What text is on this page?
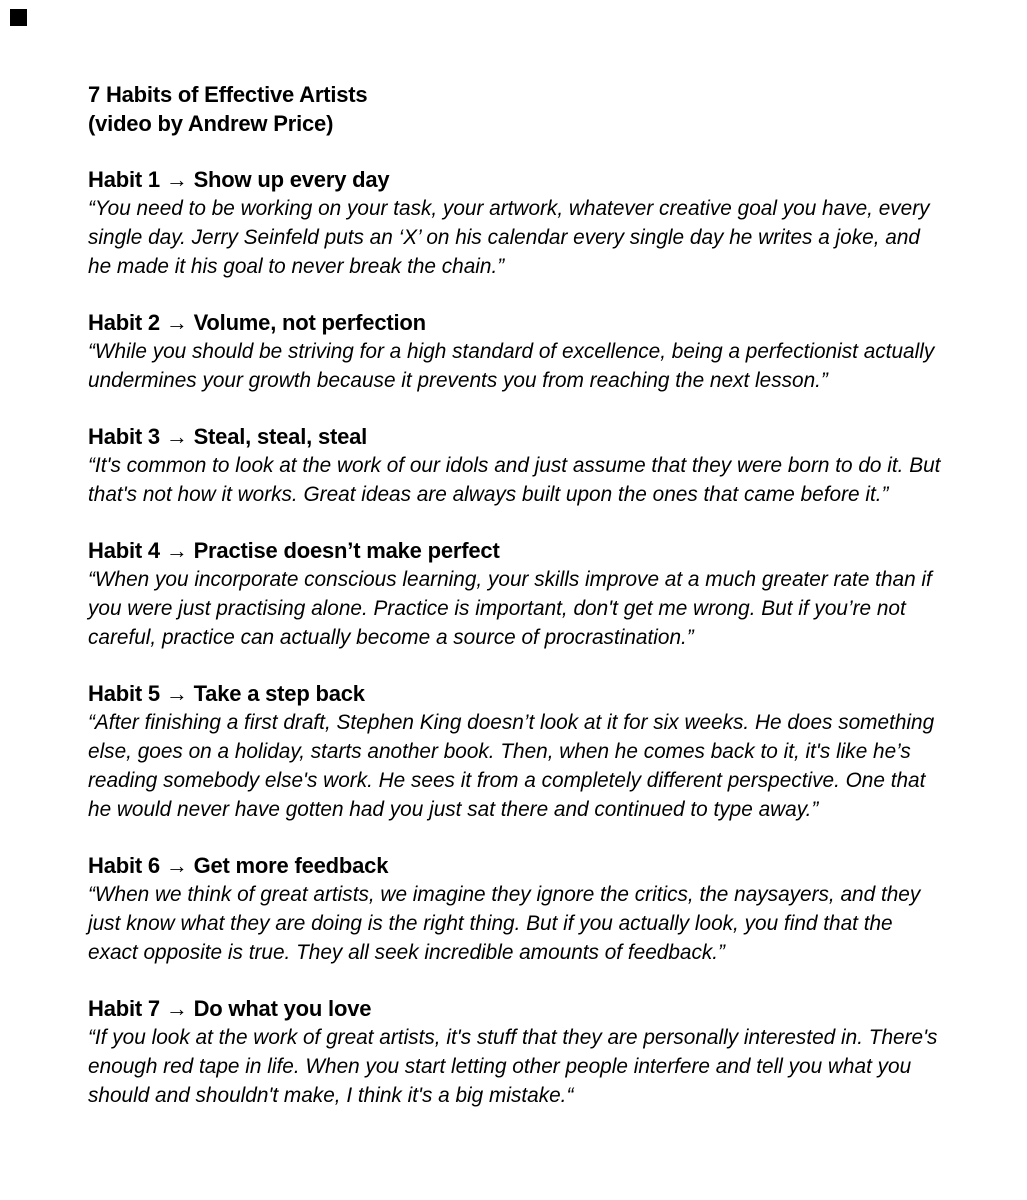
7 Habits of Effective Artists
(video by Andrew Price)
Habit 1 → Show up every day
“You need to be working on your task, your artwork, whatever creative goal you have, every single day. Jerry Seinfeld puts an ‘X’ on his calendar every single day he writes a joke, and he made it his goal to never break the chain.”
Habit 2 → Volume, not perfection
“While you should be striving for a high standard of excellence, being a perfectionist actually undermines your growth because it prevents you from reaching the next lesson.”
Habit 3 → Steal, steal, steal
“It's common to look at the work of our idols and just assume that they were born to do it. But that's not how it works. Great ideas are always built upon the ones that came before it.”
Habit 4 → Practise doesn’t make perfect
“When you incorporate conscious learning, your skills improve at a much greater rate than if you were just practising alone. Practice is important, don't get me wrong. But if you’re not careful, practice can actually become a source of procrastination.”
Habit 5 → Take a step back
“After finishing a first draft, Stephen King doesn’t look at it for six weeks. He does something else, goes on a holiday, starts another book. Then, when he comes back to it, it's like he’s reading somebody else's work. He sees it from a completely different perspective. One that he would never have gotten had you just sat there and continued to type away.”
Habit 6 → Get more feedback
“When we think of great artists, we imagine they ignore the critics, the naysayers, and they just know what they are doing is the right thing. But if you actually look, you find that the exact opposite is true. They all seek incredible amounts of feedback.”
Habit 7 → Do what you love
“If you look at the work of great artists, it's stuff that they are personally interested in. There's enough red tape in life. When you start letting other people interfere and tell you what you should and shouldn't make, I think it's a big mistake.“
